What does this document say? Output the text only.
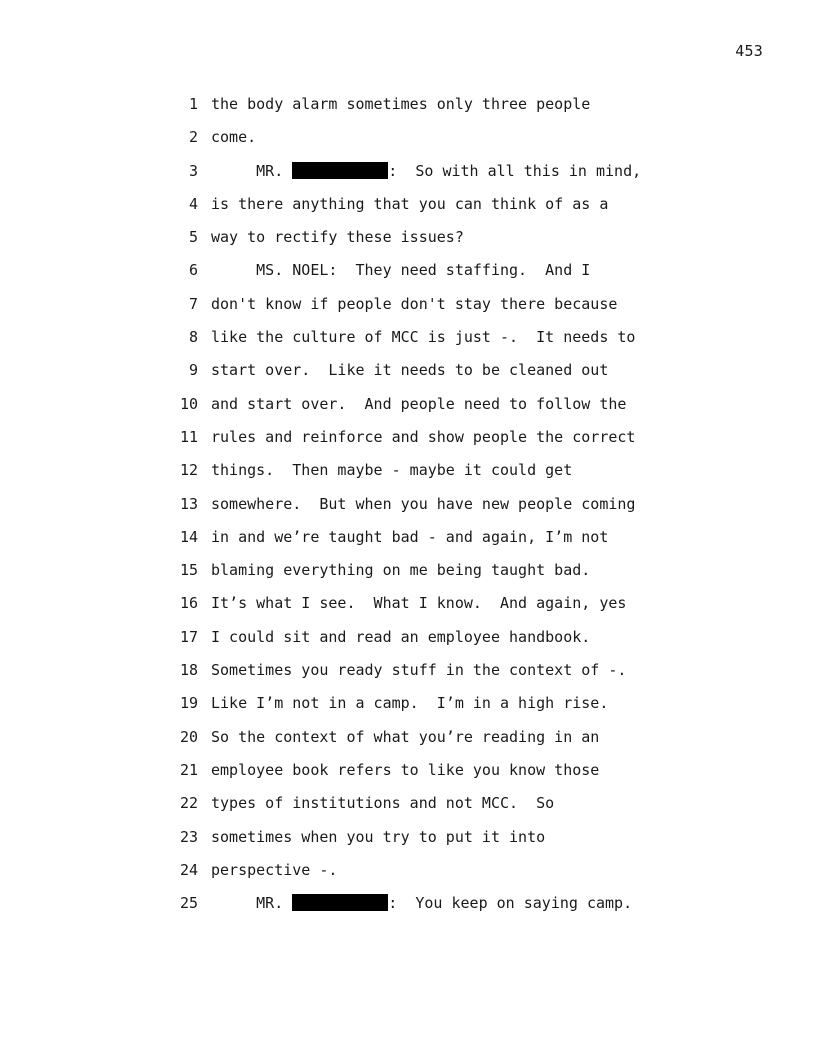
453
1 the body alarm sometimes only three people
2 come.
3 MR.	:  So with all this in mind,
4 is there anything that you can think of as a
5 way to rectify these issues?
6 MS. NOEL:  They need staffing.  And I
7 don't know if people don't stay there because
8 like the culture of MCC is just -.  It needs to
9 start over.  Like it needs to be cleaned out
10 and start over.  And people need to follow the
11 rules and reinforce and show people the correct
12 things.  Then maybe - maybe it could get
13 somewhere.  But when you have new people coming
14 in and we’re taught bad - and again, I’m not
15 blaming everything on me being taught bad.
16 It’s what I see.  What I know.  And again, yes
17 I could sit and read an employee handbook.
18 Sometimes you ready stuff in the context of -.
19 Like I’m not in a camp.  I’m in a high rise.
20 So the context of what you’re reading in an
21 employee book refers to like you know those
22 types of institutions and not MCC.  So
23 sometimes when you try to put it into
24 perspective -.
25 MR.	:  You keep on saying camp.
